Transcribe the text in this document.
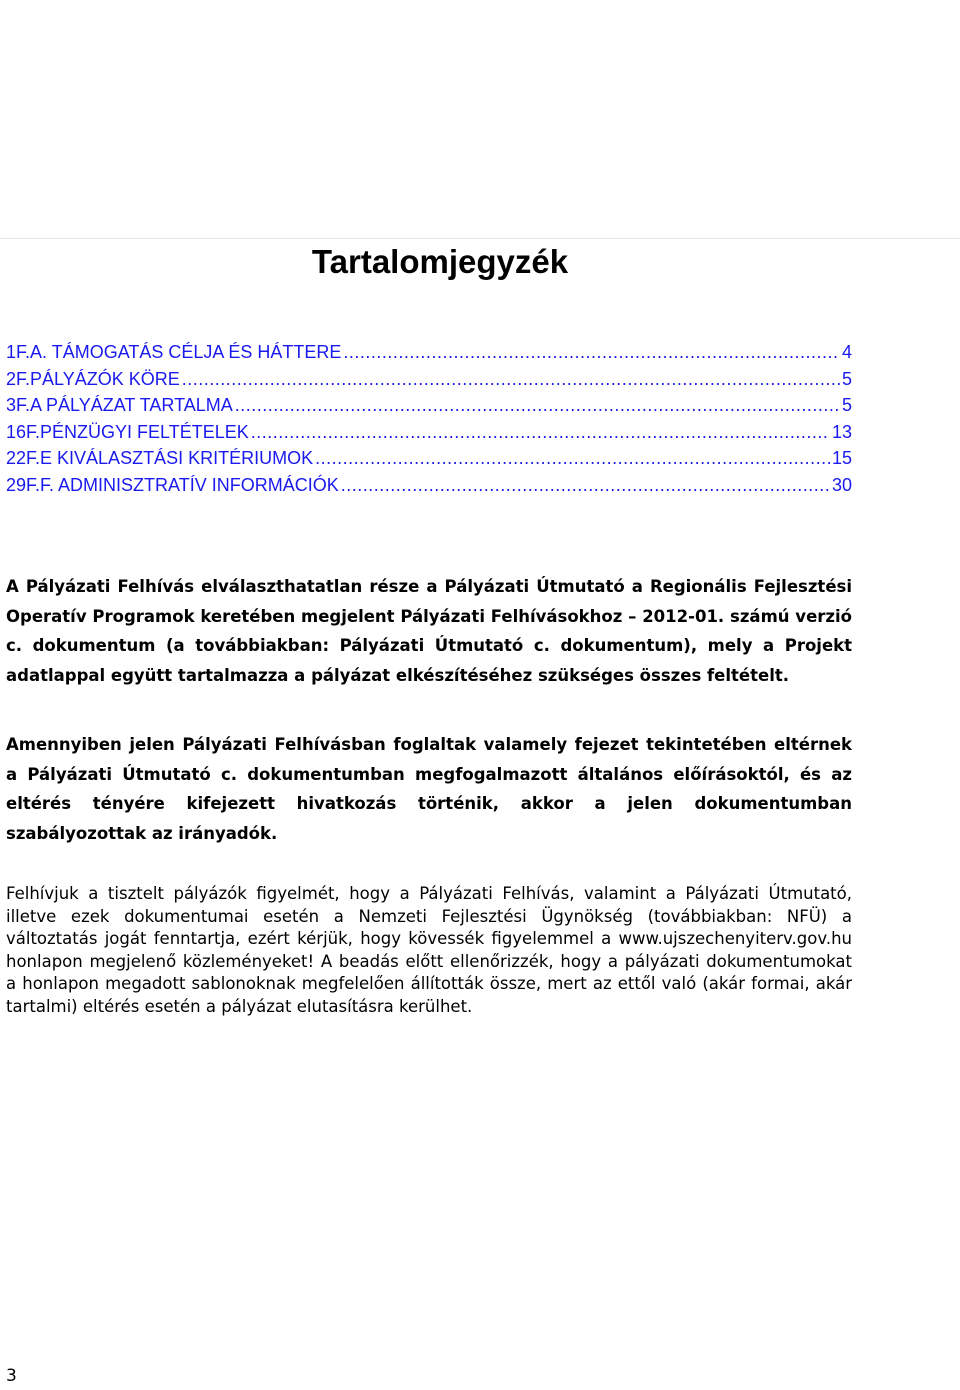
Tartalomjegyzék
1F.A. TÁMOGATÁS CÉLJA ÉS HÁTTERE .....	4
2F.PÁLYÁZÓK KÖRE .....	5
3F.A PÁLYÁZAT TARTALMA .....	5
16F.PÉNZÜGYI FELTÉTELEK .....	13
22F.E KIVÁLASZTÁSI KRITÉRIUMOK .....	15
29F.F. ADMINISZTRATÍV INFORMÁCIÓK .....	30

A Pályázati Felhívás elválaszthatatlan része a Pályázati Útmutató a Regionális Fejlesztési Operatív Programok keretében megjelent Pályázati Felhívásokhoz – 2012-01. számú verzió c. dokumentum (a továbbiakban: Pályázati Útmutató c. dokumentum), mely a Projekt adatlappal együtt tartalmazza a pályázat elkészítéséhez szükséges összes feltételt.

Amennyiben jelen Pályázati Felhívásban foglaltak valamely fejezet tekintetében eltérnek a Pályázati Útmutató c. dokumentumban megfogalmazott általános előírásoktól, és az eltérés tényére kifejezett hivatkozás történik, akkor a jelen dokumentumban szabályozottak az irányadók.

Felhívjuk a tisztelt pályázók figyelmét, hogy a Pályázati Felhívás, valamint a Pályázati Útmutató, illetve ezek dokumentumai esetén a Nemzeti Fejlesztési Ügynökség (továbbiakban: NFÜ) a változtatás jogát fenntartja, ezért kérjük, hogy kövessék figyelemmel a www.ujszechenyiterv.gov.hu honlapon megjelenő közleményeket! A beadás előtt ellenőrizzék, hogy a pályázati dokumentumokat a honlapon megadott sablonoknak megfelelően állították össze, mert az ettől való (akár formai, akár tartalmi) eltérés esetén a pályázat elutasításra kerülhet.

3
